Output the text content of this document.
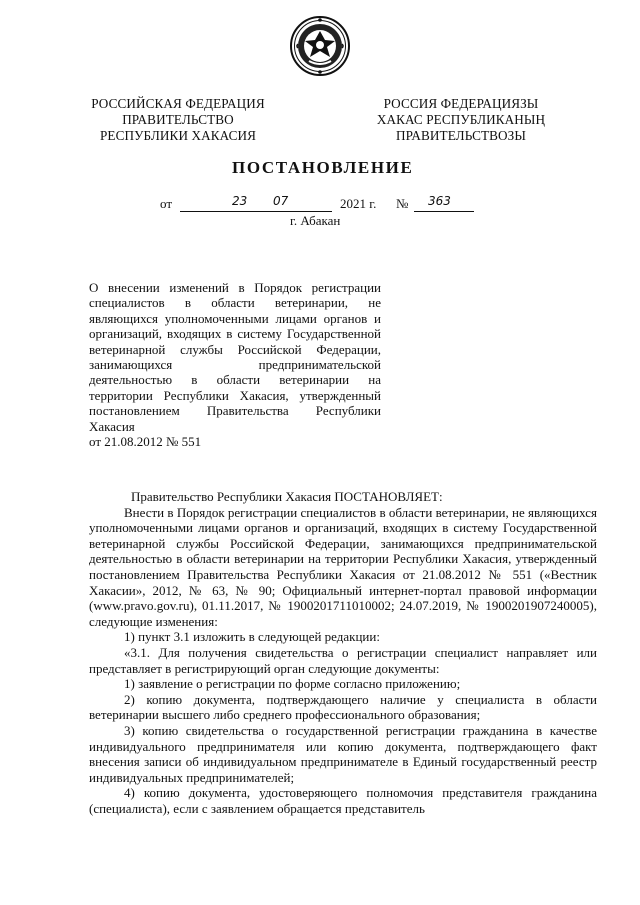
РОССИЙСКАЯ ФЕДЕРАЦИЯ
ПРАВИТЕЛЬСТВО
РЕСПУБЛИКИ ХАКАСИЯ
РОССИЯ ФЕДЕРАЦИЯЗЫ
ХАКАС РЕСПУБЛИКАНЫҢ
ПРАВИТЕЛЬСТВОЗЫ
ПОСТАНОВЛЕНИЕ
от	23 07	2021 г. № 363
г. Абакан

О внесении изменений в Порядок регистрации специалистов в области ветеринарии, не являющихся уполномоченными лицами органов и организаций, входящих в систему Государственной ветеринарной службы Российской Федерации, занимающихся предпринимательской деятельностью в области ветеринарии на территории Республики Хакасия, утвержденный постановлением Правительства Республики Хакасия

от 21.08.2012 № 551

Правительство Республики Хакасия ПОСТАНОВЛЯЕТ:

Внести в Порядок регистрации специалистов в области ветеринарии, не являющихся уполномоченными лицами органов и организаций, входящих в систему Государственной ветеринарной службы Российской Федерации, занимающихся предпринимательской деятельностью в области ветеринарии на территории Республики Хакасия, утвержденный постановлением Правительства Республики Хакасия от 21.08.2012 № 551 («Вестник Хакасии», 2012, № 63, № 90; Официальный интернет-портал правовой информации (www.pravo.gov.ru), 01.11.2017, № 1900201711010002; 24.07.2019, № 1900201907240005), следующие изменения:

1) пункт 3.1 изложить в следующей редакции:

«3.1. Для получения свидетельства о регистрации специалист направляет или представляет в регистрирующий орган следующие документы:

1) заявление о регистрации по форме согласно приложению;

2) копию документа, подтверждающего наличие у специалиста в области ветеринарии высшего либо среднего профессионального образования;

3) копию свидетельства о государственной регистрации гражданина в качестве индивидуального предпринимателя или копию документа, подтверждающего факт внесения записи об индивидуальном предпринимателе в Единый государственный реестр индивидуальных предпринимателей;

4) копию документа, удостоверяющего полномочия представителя гражданина (специалиста), если с заявлением обращается представитель
